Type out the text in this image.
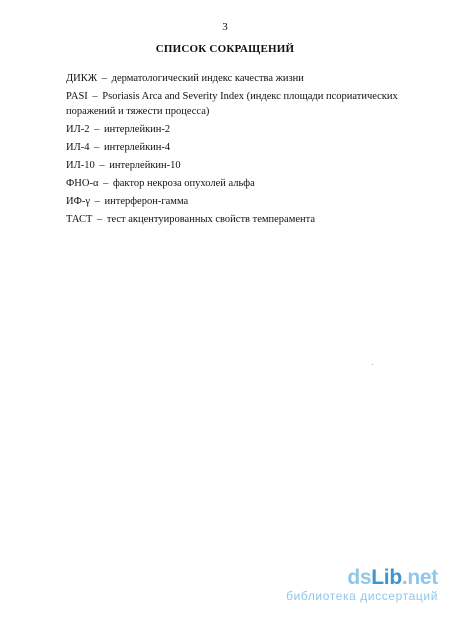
3
СПИСОК СОКРАЩЕНИЙ
ДИКЖ – дерматологический индекс качества жизни
PASI – Psoriasis Arca and Severity Index (индекс площади псориатических поражений и тяжести процесса)
ИЛ-2 – интерлейкин-2
ИЛ-4 – интерлейкин-4
ИЛ-10 – интерлейкин-10
ФНО-α – фактор некроза опухолей альфа
ИФ-γ – интерферон-гамма
ТАСТ – тест акцентуированных свойств темперамента
dsLib.net
библиотека диссертаций
